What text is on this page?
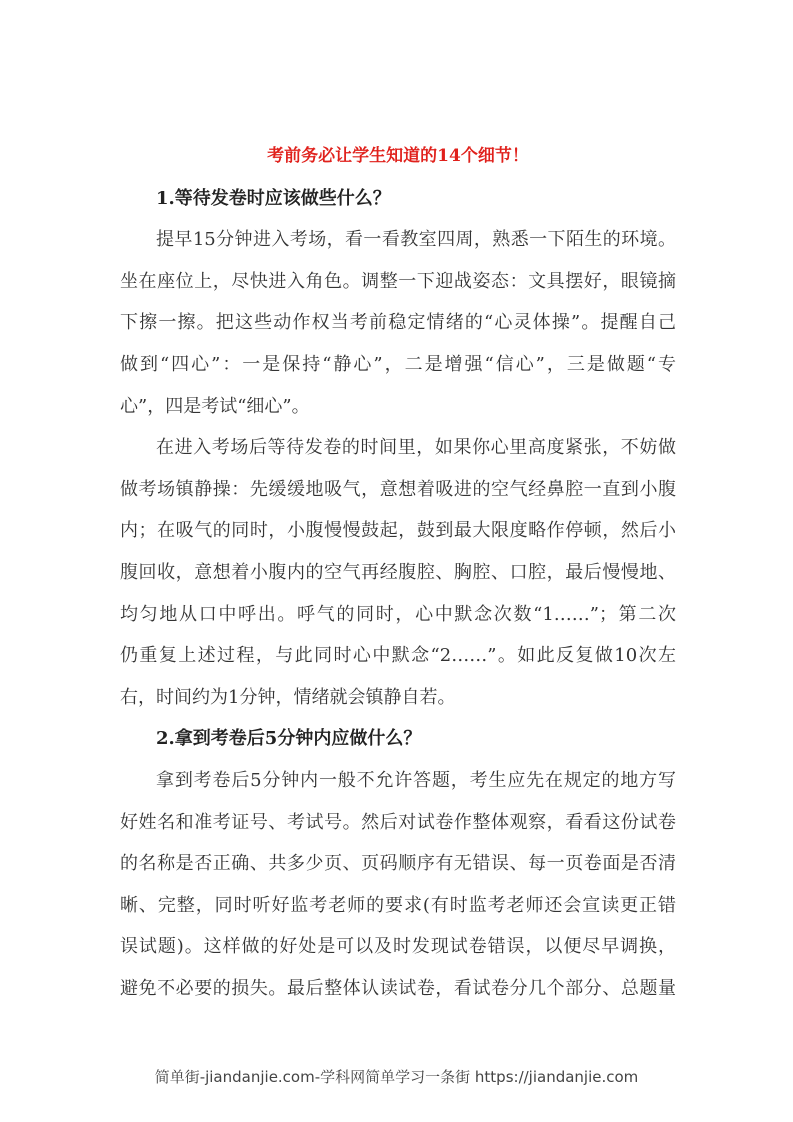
考前务必让学生知道的14个细节！
1.等待发卷时应该做些什么？
提早15分钟进入考场，看一看教室四周，熟悉一下陌生的环境。
坐在座位上，尽快进入角色。调整一下迎战姿态：文具摆好，眼镜摘
下擦一擦。把这些动作权当考前稳定情绪的“心灵体操”。提醒自己
做到“四心”：一是保持“静心”，二是增强“信心”，三是做题“专
心”，四是考试“细心”。
在进入考场后等待发卷的时间里，如果你心里高度紧张，不妨做
做考场镇静操：先缓缓地吸气，意想着吸进的空气经鼻腔一直到小腹
内；在吸气的同时，小腹慢慢鼓起，鼓到最大限度略作停顿，然后小
腹回收，意想着小腹内的空气再经腹腔、胸腔、口腔，最后慢慢地、
均匀地从口中呼出。呼气的同时，心中默念次数“1……”；第二次
仍重复上述过程，与此同时心中默念“2……”。如此反复做10次左
右，时间约为1分钟，情绪就会镇静自若。
2.拿到考卷后5分钟内应做什么？
拿到考卷后5分钟内一般不允许答题，考生应先在规定的地方写
好姓名和准考证号、考试号。然后对试卷作整体观察，看看这份试卷
的名称是否正确、共多少页、页码顺序有无错误、每一页卷面是否清
晰、完整，同时听好监考老师的要求(有时监考老师还会宣读更正错
误试题)。这样做的好处是可以及时发现试卷错误，以便尽早调换，
避免不必要的损失。最后整体认读试卷，看试卷分几个部分、总题量
简单街-jiandanjie.com-学科网简单学习一条街 https://jiandanjie.com
